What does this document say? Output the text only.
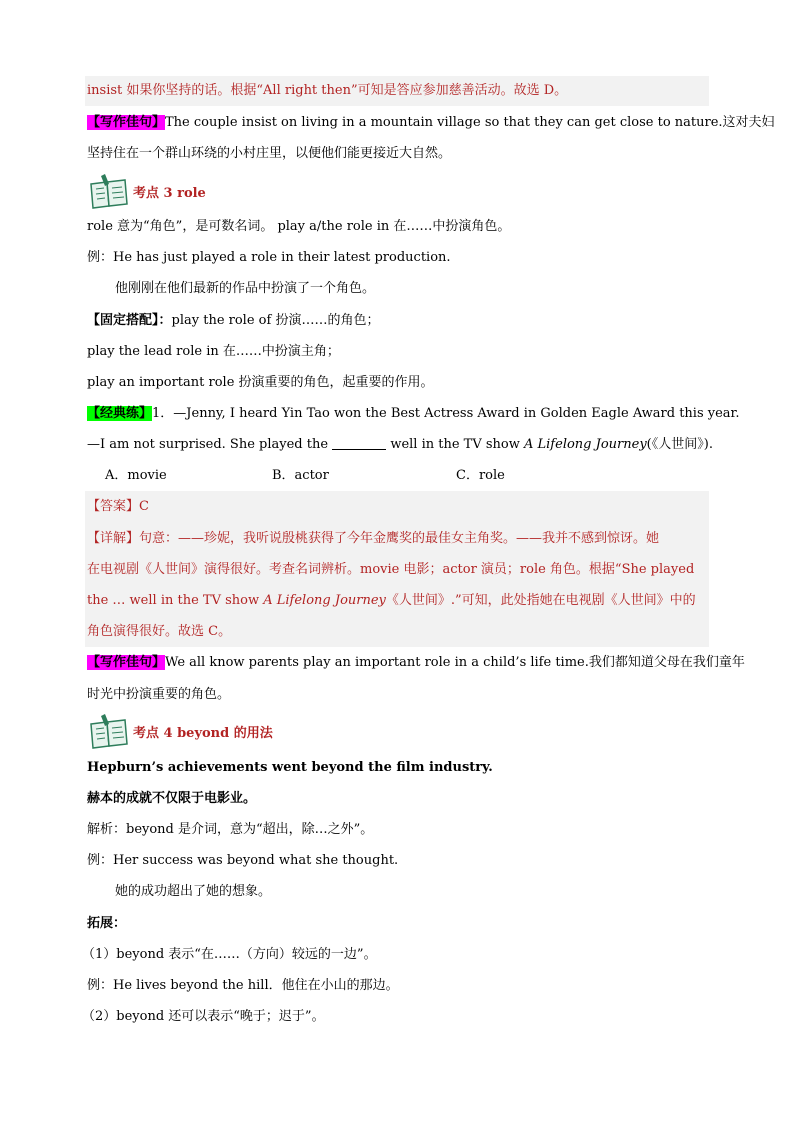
insist 如果你坚持的话。根据“All right then”可知是答应参加慈善活动。故选 D。
【写作佳句】The couple insist on living in a mountain village so that they can get close to nature.这对夫妇
坚持住在一个群山环绕的小村庄里，以便他们能更接近大自然。
考点 3 role
role 意为“角色”，是可数名词。 play a/the role in 在……中扮演角色。
例：He has just played a role in their latest production.
他刚刚在他们最新的作品中扮演了一个角色。
【固定搭配】：play the role of 扮演……的角色；
play the lead role in 在……中扮演主角；
play an important role 扮演重要的角色，起重要的作用。
【经典练】1．—Jenny, I heard Yin Tao won the Best Actress Award in Golden Eagle Award this year.
—I am not surprised. She played the	well in the TV show A Lifelong Journey(《人世间》).
A．movie	B．actor	C．role
【答案】C
【详解】句意：——珍妮，我听说殷桃获得了今年金鹰奖的最佳女主角奖。——我并不感到惊讶。她
在电视剧《人世间》演得很好。考查名词辨析。movie 电影；actor 演员；role 角色。根据“She played
the … well in the TV show A Lifelong Journey《人世间》.”可知，此处指她在电视剧《人世间》中的
角色演得很好。故选 C。
【写作佳句】We all know parents play an important role in a child’s life time.我们都知道父母在我们童年
时光中扮演重要的角色。
考点 4 beyond 的用法
Hepburn’s achievements went beyond the film industry.
赫本的成就不仅限于电影业。
解析：beyond 是介词，意为“超出，除…之外”。
例：Her success was beyond what she thought.
她的成功超出了她的想象。
拓展：
（1）beyond 表示“在……（方向）较远的一边”。
例：He lives beyond the hill．他住在小山的那边。
（2）beyond 还可以表示“晚于；迟于”。
